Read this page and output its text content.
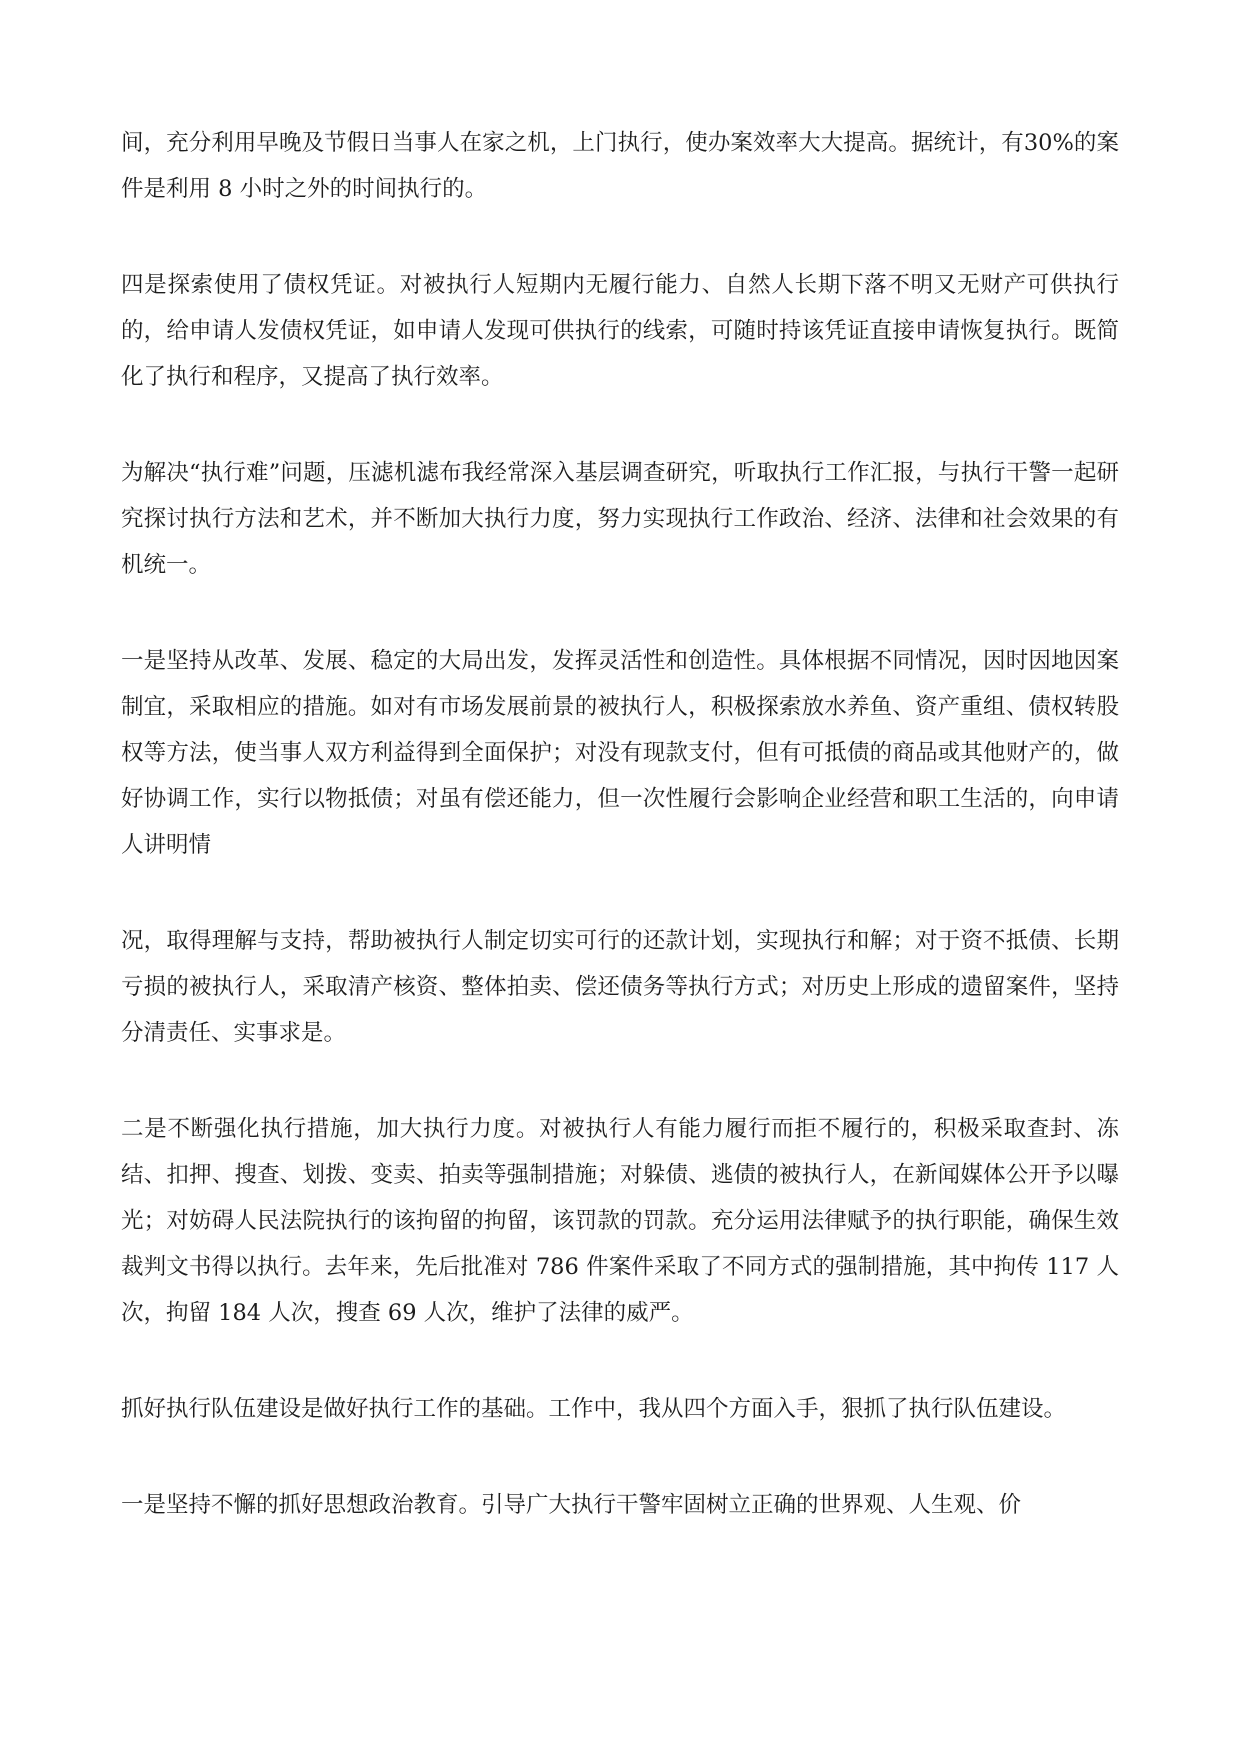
间，充分利用早晚及节假日当事人在家之机，上门执行，使办案效率大大提高。据统计，有30%的案件是利用 8 小时之外的时间执行的。

四是探索使用了债权凭证。对被执行人短期内无履行能力、自然人长期下落不明又无财产可供执行的，给申请人发债权凭证，如申请人发现可供执行的线索，可随时持该凭证直接申请恢复执行。既简化了执行和程序，又提高了执行效率。

为解决“执行难”问题，压滤机滤布我经常深入基层调查研究，听取执行工作汇报，与执行干警一起研究探讨执行方法和艺术，并不断加大执行力度，努力实现执行工作政治、经济、法律和社会效果的有机统一。

一是坚持从改革、发展、稳定的大局出发，发挥灵活性和创造性。具体根据不同情况，因时因地因案制宜，采取相应的措施。如对有市场发展前景的被执行人，积极探索放水养鱼、资产重组、债权转股权等方法，使当事人双方利益得到全面保护；对没有现款支付，但有可抵债的商品或其他财产的，做好协调工作，实行以物抵债；对虽有偿还能力，但一次性履行会影响企业经营和职工生活的，向申请人讲明情

况，取得理解与支持，帮助被执行人制定切实可行的还款计划，实现执行和解；对于资不抵债、长期亏损的被执行人，采取清产核资、整体拍卖、偿还债务等执行方式；对历史上形成的遗留案件，坚持分清责任、实事求是。

二是不断强化执行措施，加大执行力度。对被执行人有能力履行而拒不履行的，积极采取查封、冻结、扣押、搜查、划拨、变卖、拍卖等强制措施；对躲债、逃债的被执行人，在新闻媒体公开予以曝光；对妨碍人民法院执行的该拘留的拘留，该罚款的罚款。充分运用法律赋予的执行职能，确保生效裁判文书得以执行。去年来，先后批准对 786 件案件采取了不同方式的强制措施，其中拘传 117 人次，拘留 184 人次，搜查 69 人次，维护了法律的威严。

抓好执行队伍建设是做好执行工作的基础。工作中，我从四个方面入手，狠抓了执行队伍建设。

一是坚持不懈的抓好思想政治教育。引导广大执行干警牢固树立正确的世界观、人生观、价
